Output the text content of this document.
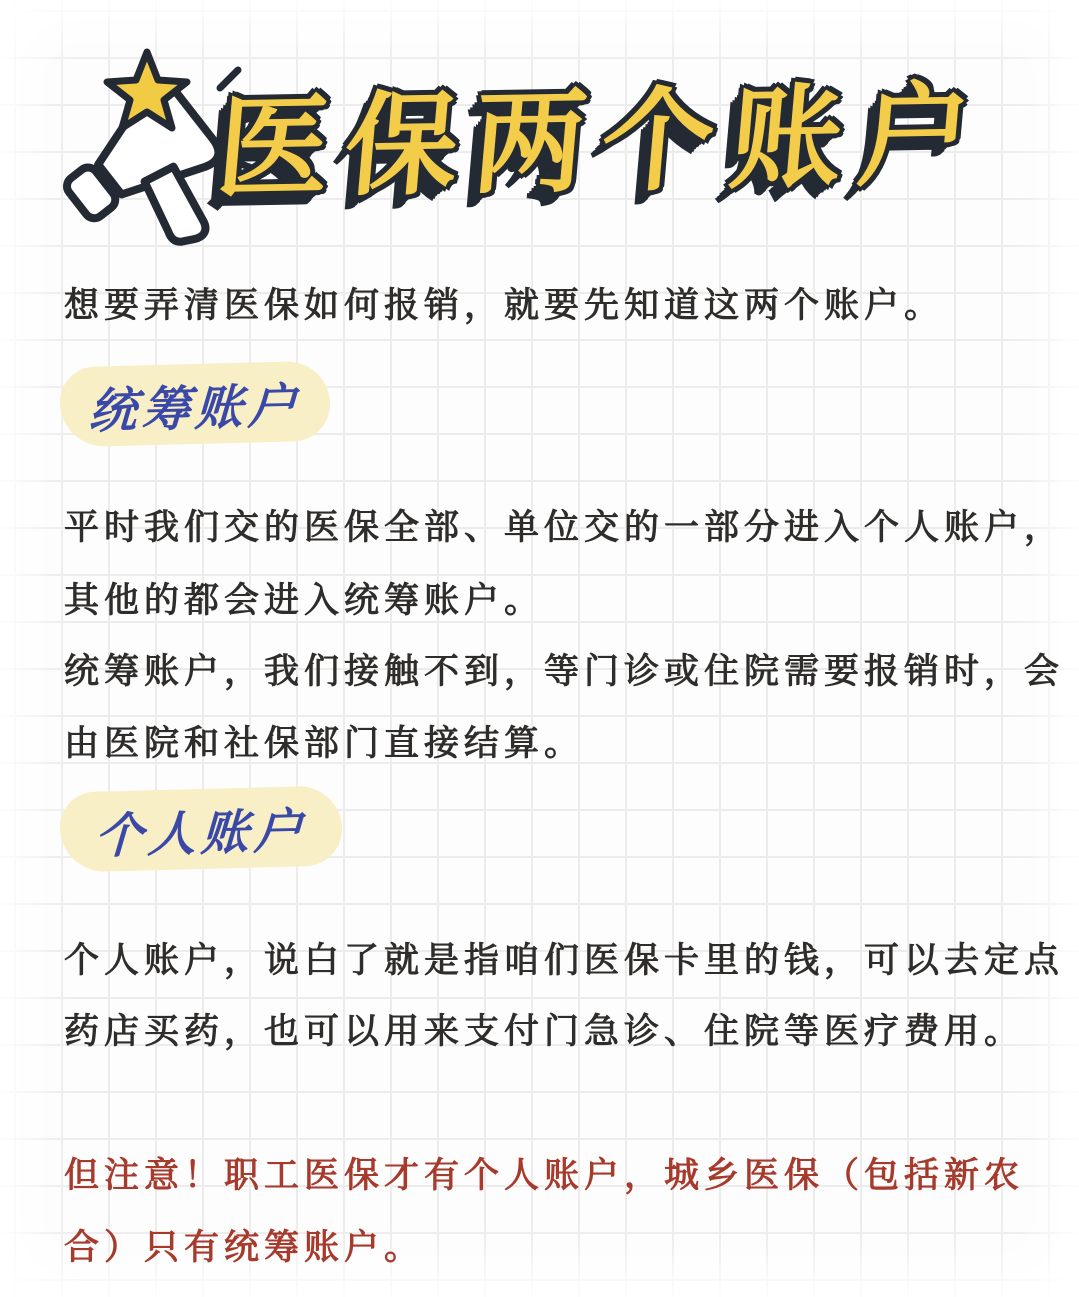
医保两个账户
想要弄清医保如何报销，就要先知道这两个账户。
统筹账户
平时我们交的医保全部、单位交的一部分进入个人账户，
其他的都会进入统筹账户。
统筹账户，我们接触不到，等门诊或住院需要报销时，会
由医院和社保部门直接结算。
个人账户
个人账户，说白了就是指咱们医保卡里的钱，可以去定点
药店买药，也可以用来支付门急诊、住院等医疗费用。
但注意！职工医保才有个人账户，城乡医保（包括新农
合）只有统筹账户。
